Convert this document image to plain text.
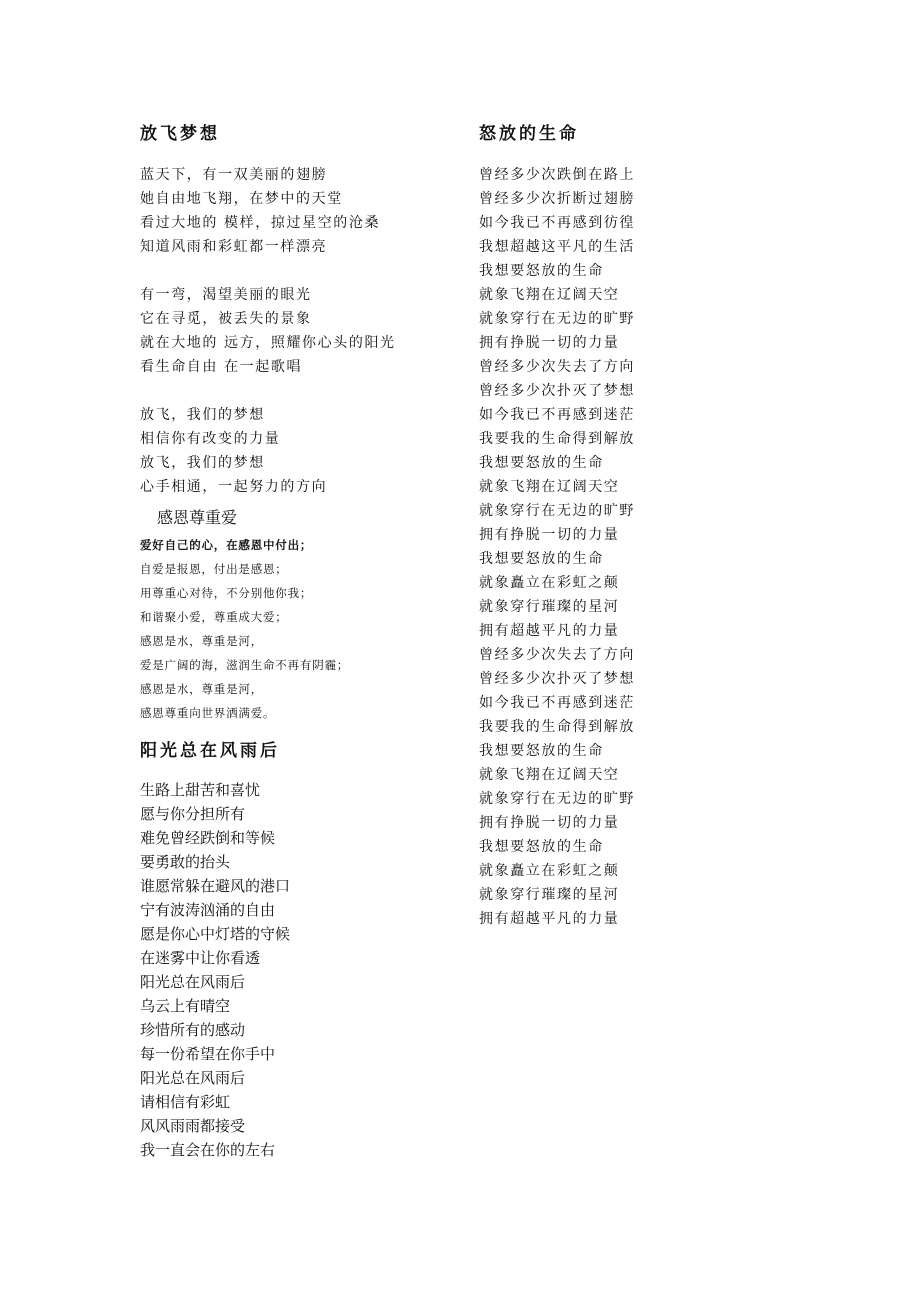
放飞梦想
蓝天下，有一双美丽的翅膀
她自由地飞翔，在梦中的天堂
看过大地的 模样，掠过星空的沧桑
知道风雨和彩虹都一样漂亮
有一弯，渴望美丽的眼光
它在寻觅，被丢失的景象
就在大地的 远方，照耀你心头的阳光
看生命自由 在一起歌唱
放飞，我们的梦想
相信你有改变的力量
放飞，我们的梦想
心手相通，一起努力的方向
感恩尊重爱
爱好自己的心，在感恩中付出；
自爱是报恩，付出是感恩；
用尊重心对待，不分别他你我；
和谐聚小爱，尊重成大爱；
感恩是水，尊重是河，
爱是广阔的海，滋润生命不再有阴霾；
感恩是水，尊重是河，
感恩尊重向世界洒满爱。
阳光总在风雨后
生路上甜苦和喜忧
愿与你分担所有
难免曾经跌倒和等候
要勇敢的抬头
谁愿常躲在避风的港口
宁有波涛汹涌的自由
愿是你心中灯塔的守候
在迷雾中让你看透
阳光总在风雨后
乌云上有晴空
珍惜所有的感动
每一份希望在你手中
阳光总在风雨后
请相信有彩虹
风风雨雨都接受
我一直会在你的左右
怒放的生命
曾经多少次跌倒在路上
曾经多少次折断过翅膀
如今我已不再感到彷徨
我想超越这平凡的生活
我想要怒放的生命
就象飞翔在辽阔天空
就象穿行在无边的旷野
拥有挣脱一切的力量
曾经多少次失去了方向
曾经多少次扑灭了梦想
如今我已不再感到迷茫
我要我的生命得到解放
我想要怒放的生命
就象飞翔在辽阔天空
就象穿行在无边的旷野
拥有挣脱一切的力量
我想要怒放的生命
就象矗立在彩虹之颠
就象穿行璀璨的星河
拥有超越平凡的力量
曾经多少次失去了方向
曾经多少次扑灭了梦想
如今我已不再感到迷茫
我要我的生命得到解放
我想要怒放的生命
就象飞翔在辽阔天空
就象穿行在无边的旷野
拥有挣脱一切的力量
我想要怒放的生命
就象矗立在彩虹之颠
就象穿行璀璨的星河
拥有超越平凡的力量
